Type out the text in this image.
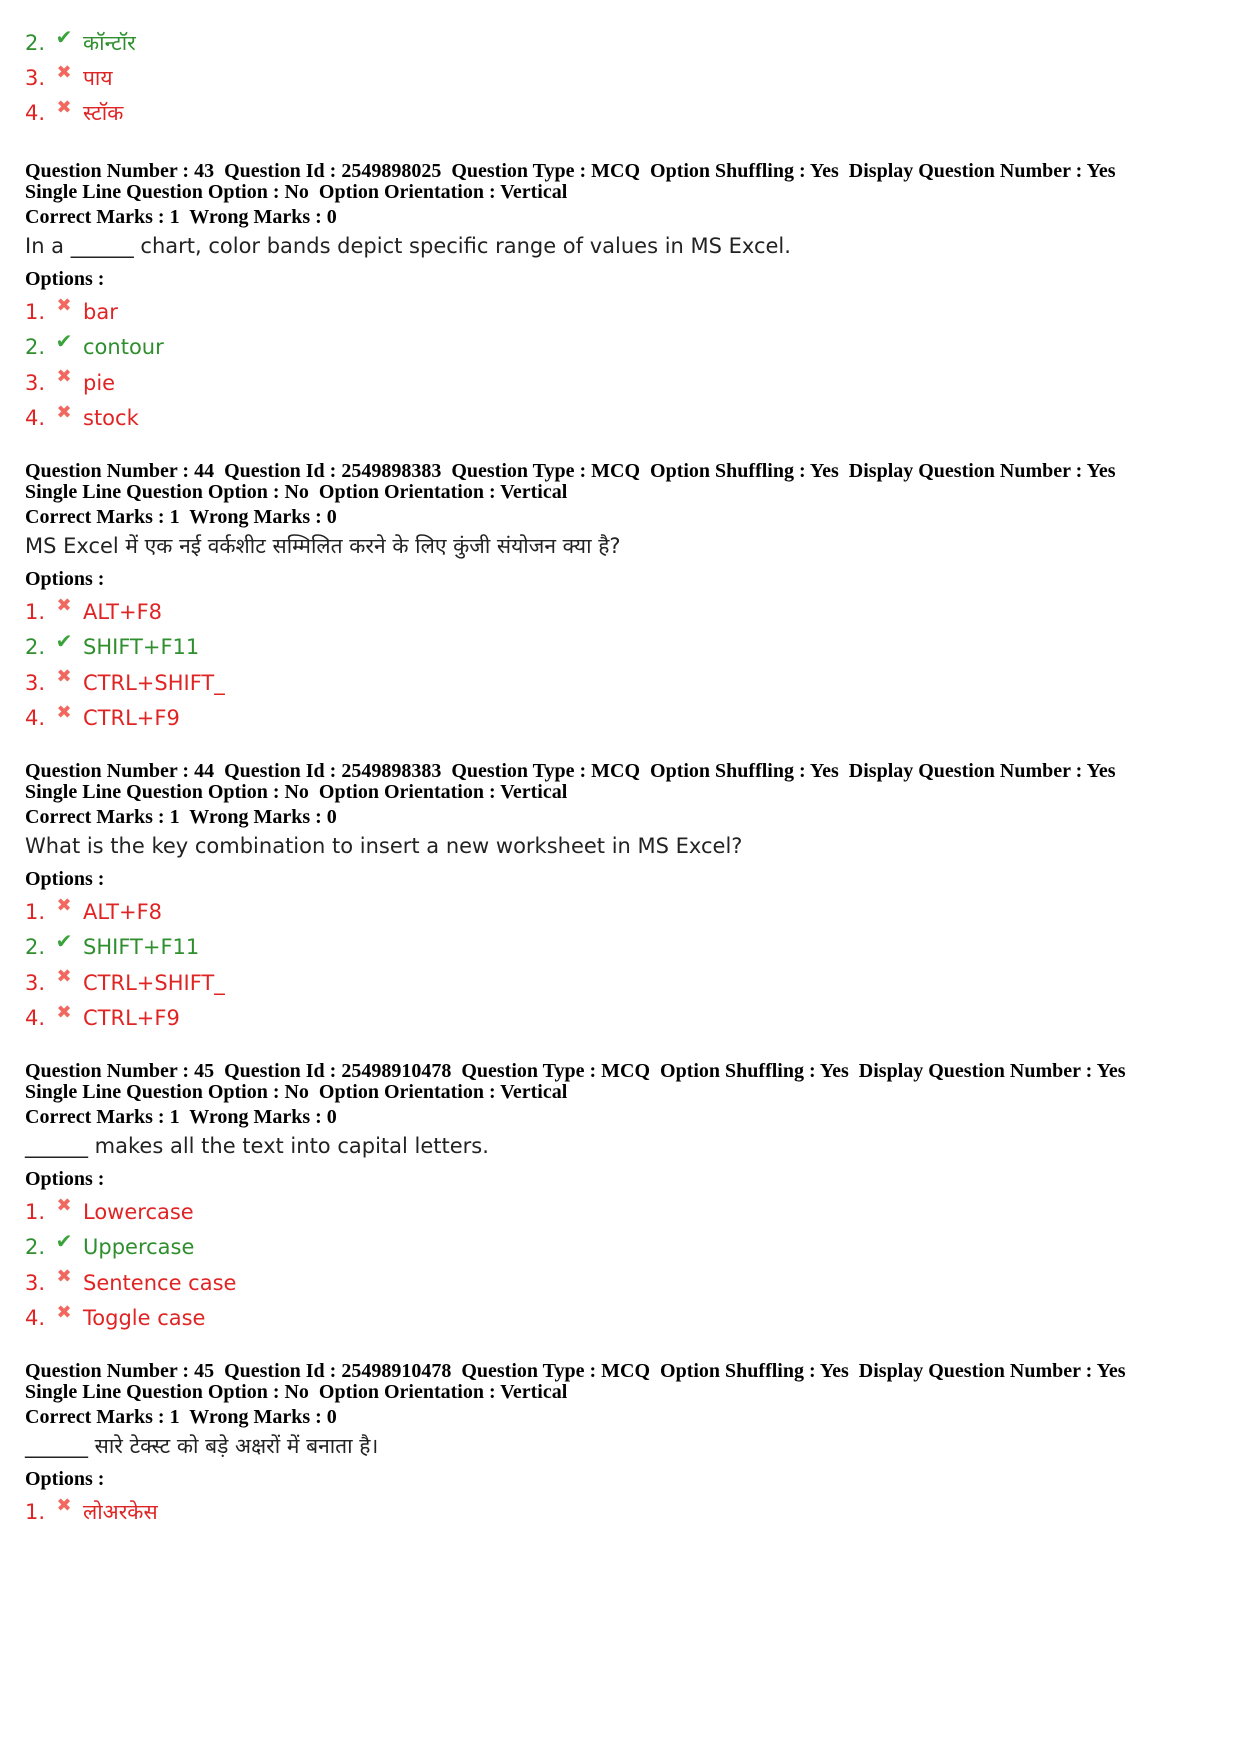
2. ✔ कॉन्टॉर
3. ✖ पाय
4. ✖ स्टॉक
Question Number : 43  Question Id : 2549898025  Question Type : MCQ  Option Shuffling : Yes  Display Question Number : Yes
Single Line Question Option : No  Option Orientation : Vertical
Correct Marks : 1  Wrong Marks : 0
In a ______ chart, color bands depict specific range of values in MS Excel.
Options :
1. ✖ bar
2. ✔ contour
3. ✖ pie
4. ✖ stock
Question Number : 44  Question Id : 2549898383  Question Type : MCQ  Option Shuffling : Yes  Display Question Number : Yes
Single Line Question Option : No  Option Orientation : Vertical
Correct Marks : 1  Wrong Marks : 0
MS Excel में एक नई वर्कशीट सम्मिलित करने के लिए कुंजी संयोजन क्या है?
Options :
1. ✖ ALT+F8
2. ✔ SHIFT+F11
3. ✖ CTRL+SHIFT_
4. ✖ CTRL+F9
Question Number : 44  Question Id : 2549898383  Question Type : MCQ  Option Shuffling : Yes  Display Question Number : Yes
Single Line Question Option : No  Option Orientation : Vertical
Correct Marks : 1  Wrong Marks : 0
What is the key combination to insert a new worksheet in MS Excel?
Options :
1. ✖ ALT+F8
2. ✔ SHIFT+F11
3. ✖ CTRL+SHIFT_
4. ✖ CTRL+F9
Question Number : 45  Question Id : 25498910478  Question Type : MCQ  Option Shuffling : Yes  Display Question Number : Yes
Single Line Question Option : No  Option Orientation : Vertical
Correct Marks : 1  Wrong Marks : 0
______ makes all the text into capital letters.
Options :
1. ✖ Lowercase
2. ✔ Uppercase
3. ✖ Sentence case
4. ✖ Toggle case
Question Number : 45  Question Id : 25498910478  Question Type : MCQ  Option Shuffling : Yes  Display Question Number : Yes
Single Line Question Option : No  Option Orientation : Vertical
Correct Marks : 1  Wrong Marks : 0
______ सारे टेक्स्ट को बड़े अक्षरों में बनाता है।
Options :
1. ✖ लोअरकेस
